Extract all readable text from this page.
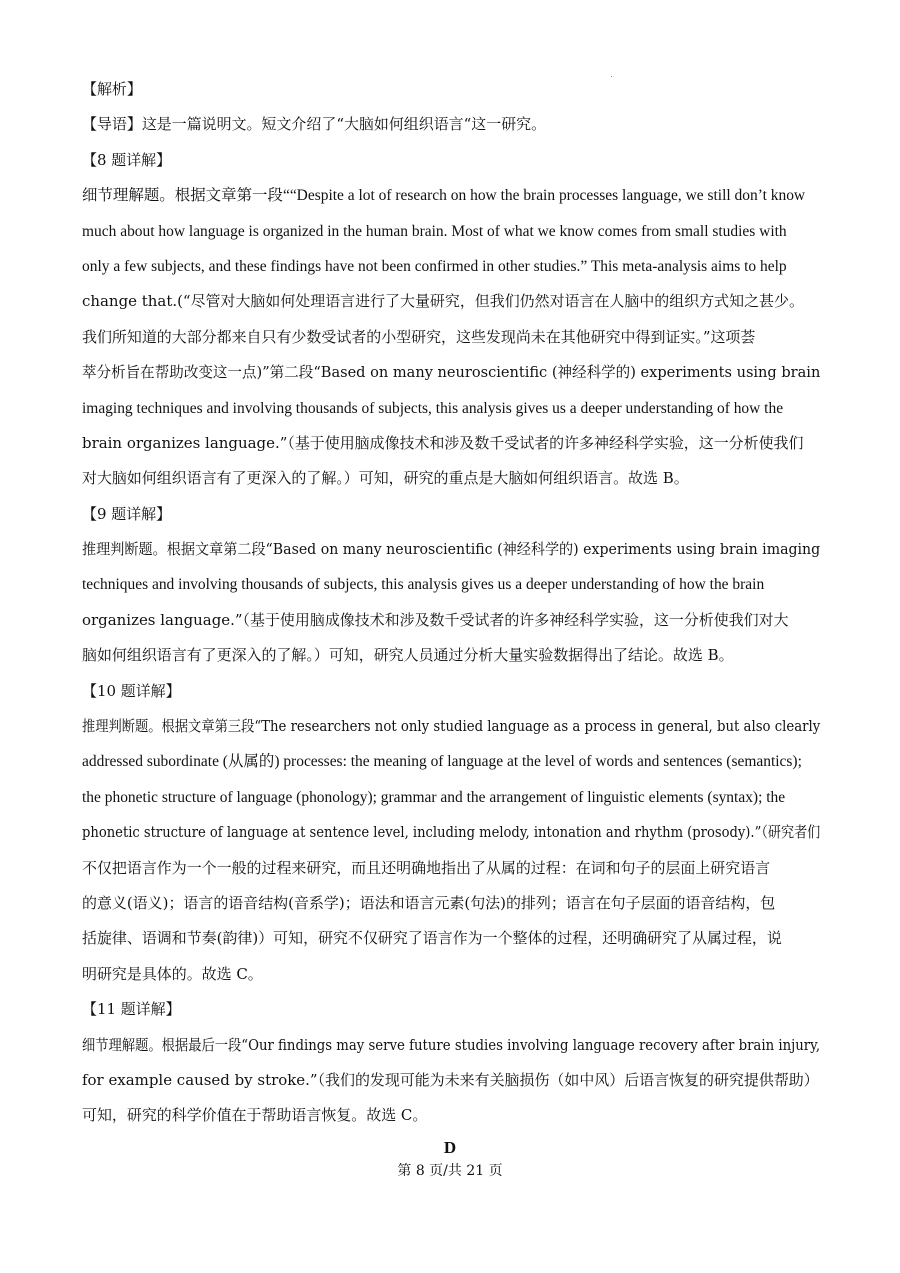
【解析】
【导语】这是一篇说明文。短文介绍了“大脑如何组织语言“这一研究。
【8 题详解】
细节理解题。根据文章第一段““Despite a lot of research on how the brain processes language, we still don’t know
much about how language is organized in the human brain. Most of what we know comes from small studies with
only a few subjects, and these findings have not been confirmed in other studies.” This meta-analysis aims to help
change that.(“尽管对大脑如何处理语言进行了大量研究，但我们仍然对语言在人脑中的组织方式知之甚少。
我们所知道的大部分都来自只有少数受试者的小型研究，这些发现尚未在其他研究中得到证实。”这项荟
萃分析旨在帮助改变这一点)”第二段“Based on many neuroscientific (神经科学的) experiments using brain
imaging techniques and involving thousands of subjects, this analysis gives us a deeper understanding of how the
brain organizes language.”（基于使用脑成像技术和涉及数千受试者的许多神经科学实验，这一分析使我们
对大脑如何组织语言有了更深入的了解。）可知，研究的重点是大脑如何组织语言。故选 B。
【9 题详解】
推理判断题。根据文章第二段“Based on many neuroscientific (神经科学的) experiments using brain imaging
techniques and involving thousands of subjects, this analysis gives us a deeper understanding of how the brain
organizes language.”（基于使用脑成像技术和涉及数千受试者的许多神经科学实验，这一分析使我们对大
脑如何组织语言有了更深入的了解。）可知，研究人员通过分析大量实验数据得出了结论。故选 B。
【10 题详解】
推理判断题。根据文章第三段“The researchers not only studied language as a process in general, but also clearly
addressed subordinate (从属的) processes: the meaning of language at the level of words and sentences (semantics);
the phonetic structure of language (phonology); grammar and the arrangement of linguistic elements (syntax); the
phonetic structure of language at sentence level, including melody, intonation and rhythm (prosody).”（研究者们
不仅把语言作为一个一般的过程来研究，而且还明确地指出了从属的过程：在词和句子的层面上研究语言
的意义(语义)；语言的语音结构(音系学)；语法和语言元素(句法)的排列；语言在句子层面的语音结构，包
括旋律、语调和节奏(韵律)）可知，研究不仅研究了语言作为一个整体的过程，还明确研究了从属过程，说
明研究是具体的。故选 C。
【11 题详解】
细节理解题。根据最后一段“Our findings may serve future studies involving language recovery after brain injury,
for example caused by stroke.”（我们的发现可能为未来有关脑损伤（如中风）后语言恢复的研究提供帮助）
可知，研究的科学价值在于帮助语言恢复。故选 C。
D
第 8 页/共 21 页
